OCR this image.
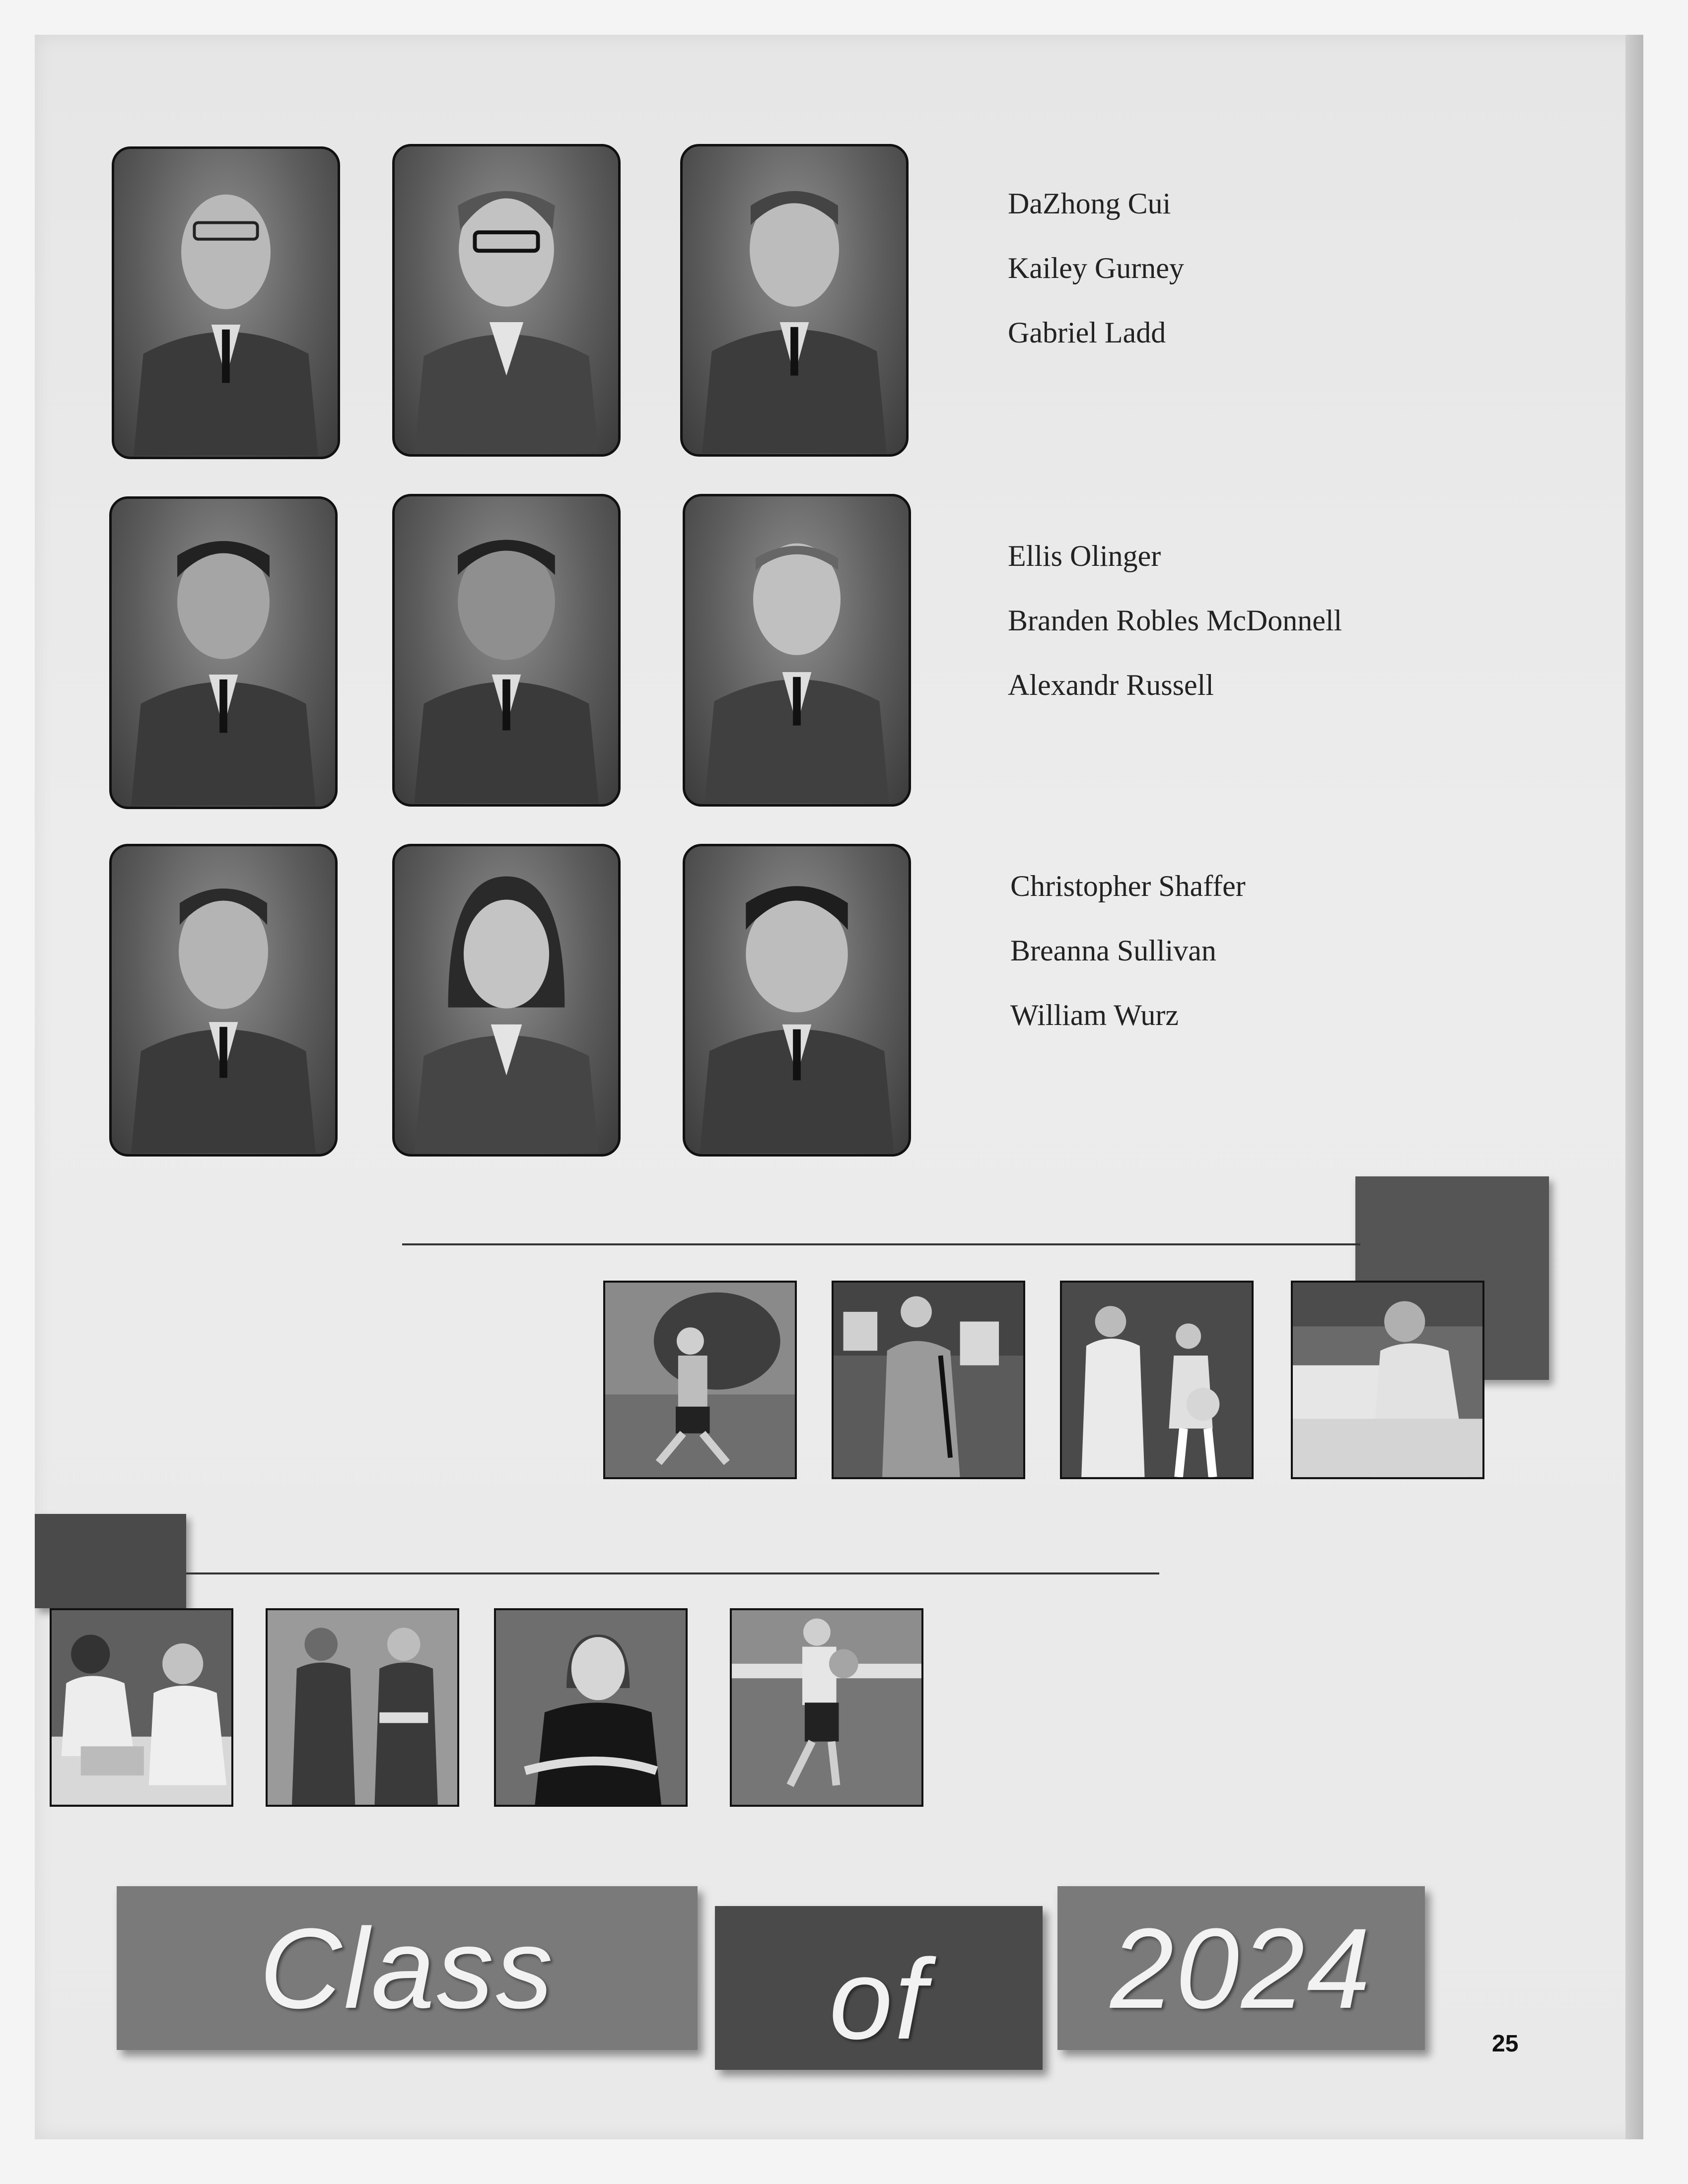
DaZhong Cui
Kailey Gurney
Gabriel Ladd
Ellis Olinger
Branden Robles McDonnell
Alexandr Russell
Christopher Shaffer
Breanna Sullivan
William Wurz
Class of 2024
25
